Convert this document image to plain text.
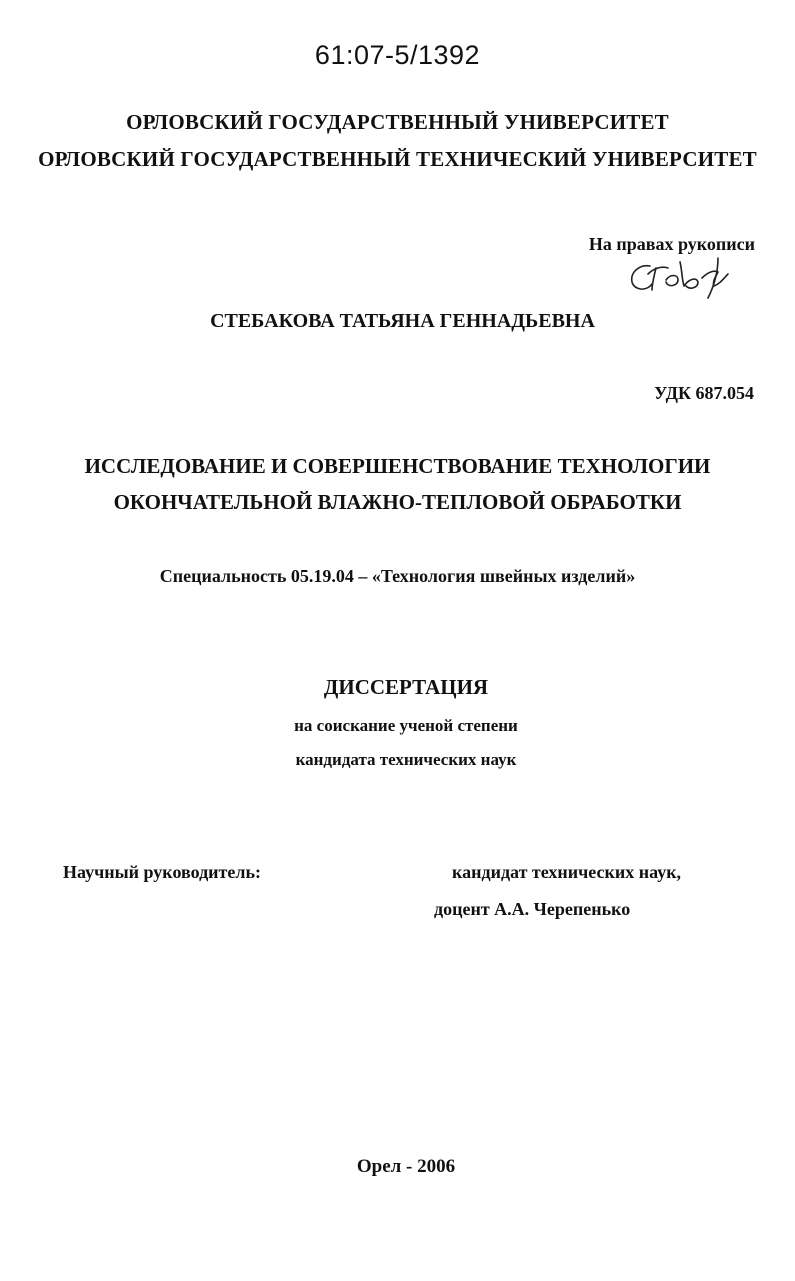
61:07-5/1392
ОРЛОВСКИЙ ГОСУДАРСТВЕННЫЙ УНИВЕРСИТЕТ
ОРЛОВСКИЙ ГОСУДАРСТВЕННЫЙ ТЕХНИЧЕСКИЙ УНИВЕРСИТЕТ
На правах рукописи
СТЕБАКОВА ТАТЬЯНА ГЕННАДЬЕВНА
УДК 687.054
ИССЛЕДОВАНИЕ И СОВЕРШЕНСТВОВАНИЕ ТЕХНОЛОГИИ
ОКОНЧАТЕЛЬНОЙ ВЛАЖНО-ТЕПЛОВОЙ ОБРАБОТКИ
Специальность 05.19.04 – «Технология швейных изделий»
ДИССЕРТАЦИЯ
на соискание ученой степени
кандидата технических наук
Научный руководитель:	кандидат технических наук,
доцент А.А. Черепенько
Орел - 2006
